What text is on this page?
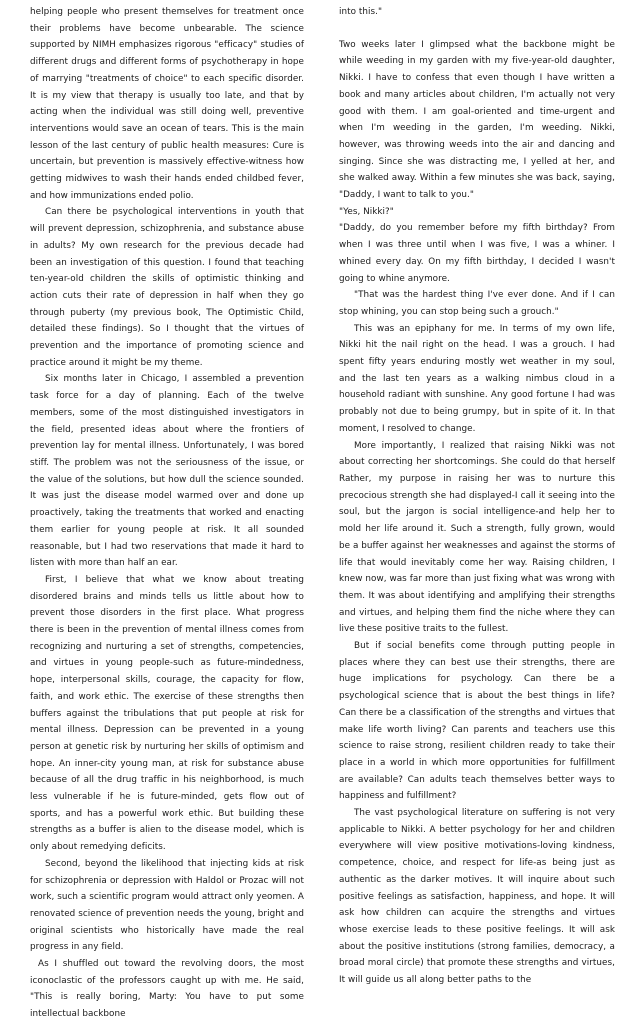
helping people who present themselves for treatment once their problems have become unbearable. The science supported by NIMH emphasizes rigorous "efficacy" studies of different drugs and different forms of psychotherapy in hope of marrying "treatments of choice" to each specific disorder. It is my view that therapy is usually too late, and that by acting when the individual was still doing well, preventive interventions would save an ocean of tears. This is the main lesson of the last century of public health measures: Cure is uncertain, but prevention is massively effective-witness how getting midwives to wash their hands ended childbed fever, and how immunizations ended polio.

Can there be psychological interventions in youth that will prevent depression, schizophrenia, and substance abuse in adults? My own research for the previous decade had been an investigation of this question. I found that teaching ten-year-old children the skills of optimistic thinking and action cuts their rate of depression in half when they go through puberty (my previous book, The Optimistic Child, detailed these findings). So I thought that the virtues of prevention and the importance of promoting science and practice around it might be my theme.

Six months later in Chicago, I assembled a prevention task force for a day of planning. Each of the twelve members, some of the most distinguished investigators in the field, presented ideas about where the frontiers of prevention lay for mental illness. Unfortunately, I was bored stiff. The problem was not the seriousness of the issue, or the value of the solutions, but how dull the science sounded. It was just the disease model warmed over and done up proactively, taking the treatments that worked and enacting them earlier for young people at risk. It all sounded reasonable, but I had two reservations that made it hard to listen with more than half an ear.

First, I believe that what we know about treating disordered brains and minds tells us little about how to prevent those disorders in the first place. What progress there is been in the prevention of mental illness comes from recognizing and nurturing a set of strengths, competencies, and virtues in young people-such as future-mindedness, hope, interpersonal skills, courage, the capacity for flow, faith, and work ethic. The exercise of these strengths then buffers against the tribulations that put people at risk for mental illness. Depression can be prevented in a young person at genetic risk by nurturing her skills of optimism and hope. An inner-city young man, at risk for substance abuse because of all the drug traffic in his neighborhood, is much less vulnerable if he is future-minded, gets flow out of sports, and has a powerful work ethic. But building these strengths as a buffer is alien to the disease model, which is only about remedying deficits.

Second, beyond the likelihood that injecting kids at risk for schizophrenia or depression with Haldol or Prozac will not work, such a scientific program would attract only yeomen. A renovated science of prevention needs the young, bright and original scientists who historically have made the real progress in any field.

As I shuffled out toward the revolving doors, the most iconoclastic of the professors caught up with me. He said, "This is really boring, Marty: You have to put some intellectual backbone

into this."

Two weeks later I glimpsed what the backbone might be while weeding in my garden with my five-year-old daughter, Nikki. I have to confess that even though I have written a book and many articles about children, I'm actually not very good with them. I am goal-oriented and time-urgent and when I'm weeding in the garden, I'm weeding. Nikki, however, was throwing weeds into the air and dancing and singing. Since she was distracting me, I yelled at her, and she walked away. Within a few minutes she was back, saying, "Daddy, I want to talk to you."

"Yes, Nikki?"

"Daddy, do you remember before my fifth birthday? From when I was three until when I was five, I was a whiner. I whined every day. On my fifth birthday, I decided I wasn't going to whine anymore.

"That was the hardest thing I've ever done. And if I can stop whining, you can stop being such a grouch."

This was an epiphany for me. In terms of my own life, Nikki hit the nail right on the head. I was a grouch. I had spent fifty years enduring mostly wet weather in my soul, and the last ten years as a walking nimbus cloud in a household radiant with sunshine. Any good fortune I had was probably not due to being grumpy, but in spite of it. In that moment, I resolved to change.

More importantly, I realized that raising Nikki was not about correcting her shortcomings. She could do that herself Rather, my purpose in raising her was to nurture this precocious strength she had displayed-I call it seeing into the soul, but the jargon is social intelligence-and help her to mold her life around it. Such a strength, fully grown, would be a buffer against her weaknesses and against the storms of life that would inevitably come her way. Raising children, I knew now, was far more than just fixing what was wrong with them. It was about identifying and amplifying their strengths and virtues, and helping them find the niche where they can live these positive traits to the fullest.

But if social benefits come through putting people in places where they can best use their strengths, there are huge implications for psychology. Can there be a psychological science that is about the best things in life? Can there be a classification of the strengths and virtues that make life worth living? Can parents and teachers use this science to raise strong, resilient children ready to take their place in a world in which more opportunities for fulfillment are available? Can adults teach themselves better ways to happiness and fulfillment?

The vast psychological literature on suffering is not very applicable to Nikki. A better psychology for her and children everywhere will view positive motivations-loving kindness, competence, choice, and respect for life-as being just as authentic as the darker motives. It will inquire about such positive feelings as satisfaction, happiness, and hope. It will ask how children can acquire the strengths and virtues whose exercise leads to these positive feelings. It will ask about the positive institutions (strong families, democracy, a broad moral circle) that promote these strengths and virtues, It will guide us all along better paths to the
